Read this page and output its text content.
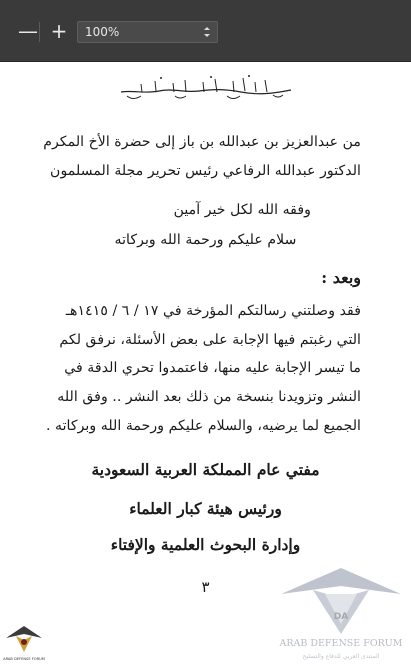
— +	100%
من عبدالعزيز بن عبدالله بن باز إلى حضرة الأخ المكرم
الدكتور عبدالله الرفاعي رئيس تحرير مجلة المسلمون
وفقه الله لكل خير آمين
سلام عليكم ورحمة الله وبركاته
وبعد :
فقد وصلتني رسالتكم المؤرخة في ١٧ / ٦ / ١٤١٥هـ
التي رغبتم فيها الإجابة على بعض الأسئلة، نرفق لكم
ما تيسر الإجابة عليه منها، فاعتمدوا تحري الدقة في
النشر وتزويدنا بنسخة من ذلك بعد النشر .. وفق الله
الجميع لما يرضيه، والسلام عليكم ورحمة الله وبركاته .
مفتي عام المملكة العربية السعودية
ورئيس هيئة كبار العلماء
وإدارة البحوث العلمية والإفتاء
٣
DA
ARAB DEFENSE FORUM
المنتدى العربي للدفاع والتسليح
ARAB DEFENSE FORUM
